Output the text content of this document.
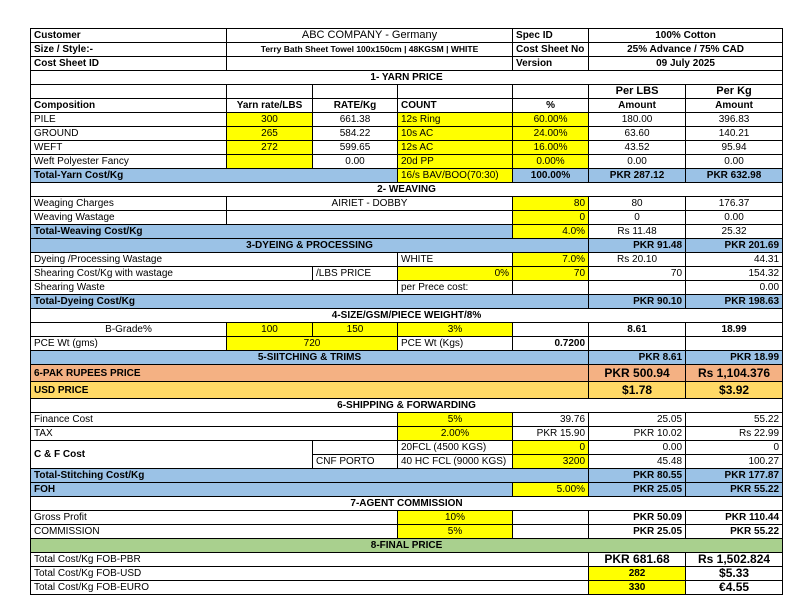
Customer	ABC COMPANY - Germany			Spec ID	100% Cotton	
Size / Style:-	Terry Bath Sheet Towel 100x150cm | 48KGSM | WHITE			Cost Sheet No	25% Advance / 75% CAD	
Cost Sheet ID				Version	09 July 2025	
1- YARN PRICE						
					Per LBS	Per Kg
Composition	Yarn rate/LBS	RATE/Kg	COUNT	%	Amount	Amount
PILE	300	661.38	12s Ring	60.00%	180.00	396.83
GROUND	265	584.22	10s AC	24.00%	63.60	140.21
WEFT	272	599.65	12s AC	16.00%	43.52	95.94
Weft Polyester Fancy		0.00	20d PP	0.00%	0.00	0.00
Total-Yarn Cost/Kg			16/s BAV/BOO(70:30)	100.00%	PKR 287.12	PKR 632.98
2- WEAVING						
Weaging Charges	AIRIET - DOBBY			80	80	176.37
Weaving Wastage				0	0	0.00
Total-Weaving Cost/Kg				4.0%	Rs 11.48	25.32
3-DYEING & PROCESSING					PKR 91.48	PKR 201.69
Dyeing /Processing Wastage			WHITE	7.0%	Rs 20.10	44.31
Shearing Cost/Kg with wastage		/LBS PRICE	0%	70	70	154.32
Shearing Waste			per Prece cost:			0.00
Total-Dyeing Cost/Kg					PKR 90.10	PKR 198.63
4-SIZE/GSM/PIECE WEIGHT/8%						
B-Grade%	100	150	3%		8.61	18.99
PCE Wt (gms)	720		PCE Wt (Kgs)	0.7200		
5-SIITCHING & TRIMS					PKR 8.61	PKR 18.99
6-PAK RUPEES PRICE					PKR 500.94	Rs 1,104.376
USD PRICE					$1.78	$3.92
6-SHIPPING & FORWARDING						
Finance Cost			5%	39.76	25.05	55.22
TAX			2.00%	PKR 15.90	PKR 10.02	Rs 22.99
C & F Cost			20FCL (4500 KGS)	0	0.00	0
		CNF PORTO	40 HC FCL (9000 KGS)	3200	45.48	100.27
Total-Stitching Cost/Kg					PKR 80.55	PKR 177.87
FOH				5.00%	PKR 25.05	PKR 55.22
7-AGENT COMMISSION						
Gross Profit			10%		PKR 50.09	PKR 110.44
COMMISSION			5%		PKR 25.05	PKR 55.22
8-FINAL PRICE						
Total Cost/Kg FOB-PBR					PKR 681.68	Rs 1,502.824
Total Cost/Kg FOB-USD					282	$5.33
Total Cost/Kg FOB-EURO					330	€4.55
